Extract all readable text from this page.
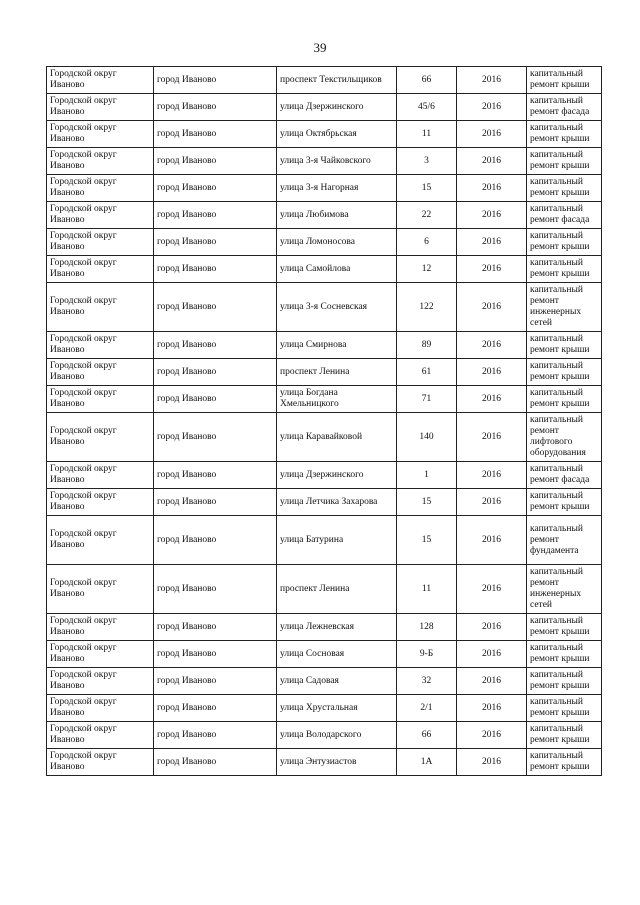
39
Городской округ Иваново	город Иваново	проспект Текстильщиков	66	2016	капитальный ремонт крыши
Городской округ Иваново	город Иваново	улица Дзержинского	45/6	2016	капитальный ремонт фасада
Городской округ Иваново	город Иваново	улица Октябрьская	11	2016	капитальный ремонт крыши
Городской округ Иваново	город Иваново	улица 3-я Чайковского	3	2016	капитальный ремонт крыши
Городской округ Иваново	город Иваново	улица 3-я Нагорная	15	2016	капитальный ремонт крыши
Городской округ Иваново	город Иваново	улица Любимова	22	2016	капитальный ремонт фасада
Городской округ Иваново	город Иваново	улица Ломоносова	6	2016	капитальный ремонт крыши
Городской округ Иваново	город Иваново	улица Самойлова	12	2016	капитальный ремонт крыши
Городской округ Иваново	город Иваново	улица 3-я Сосневская	122	2016	капитальный ремонт инженерных сетей
Городской округ Иваново	город Иваново	улица Смирнова	89	2016	капитальный ремонт крыши
Городской округ Иваново	город Иваново	проспект Ленина	61	2016	капитальный ремонт крыши
Городской округ Иваново	город Иваново	улица Богдана Хмельницкого	71	2016	капитальный ремонт крыши
Городской округ Иваново	город Иваново	улица Каравайковой	140	2016	капитальный ремонт лифтового оборудования
Городской округ Иваново	город Иваново	улица Дзержинского	1	2016	капитальный ремонт фасада
Городской округ Иваново	город Иваново	улица Летчика Захарова	15	2016	капитальный ремонт крыши
Городской округ Иваново	город Иваново	улица Батурина	15	2016	капитальный ремонт фундамента
Городской округ Иваново	город Иваново	проспект Ленина	11	2016	капитальный ремонт инженерных сетей
Городской округ Иваново	город Иваново	улица Лежневская	128	2016	капитальный ремонт крыши
Городской округ Иваново	город Иваново	улица Сосновая	9-Б	2016	капитальный ремонт крыши
Городской округ Иваново	город Иваново	улица Садовая	32	2016	капитальный ремонт крыши
Городской округ Иваново	город Иваново	улица Хрустальная	2/1	2016	капитальный ремонт крыши
Городской округ Иваново	город Иваново	улица Володарского	66	2016	капитальный ремонт крыши
Городской округ Иваново	город Иваново	улица Энтузиастов	1А	2016	капитальный ремонт крыши
